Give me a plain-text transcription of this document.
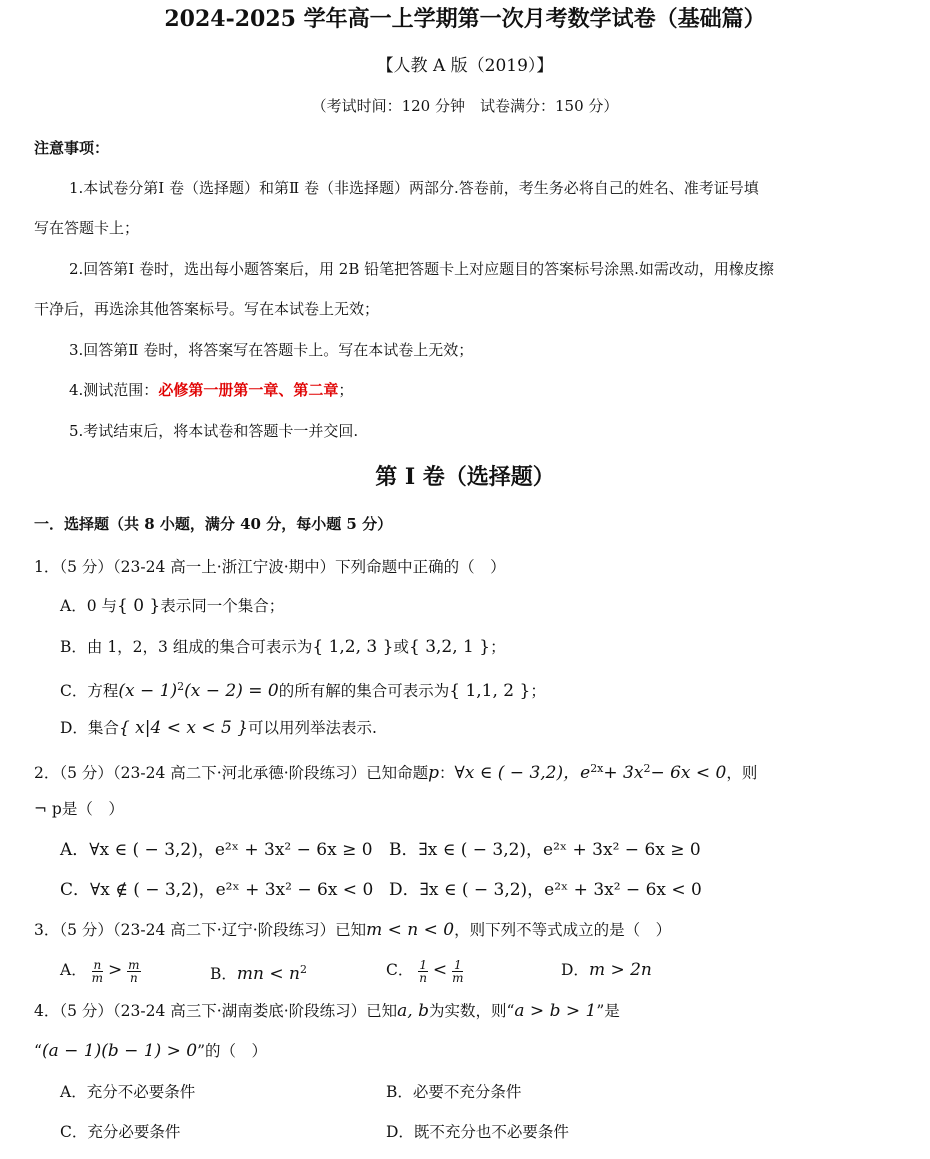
2024-2025 学年高一上学期第一次月考数学试卷（基础篇）
【人教 A 版（2019）】
（考试时间：120 分钟　试卷满分：150 分）
注意事项：
1.本试卷分第Ⅰ 卷（选择题）和第Ⅱ 卷（非选择题）两部分.答卷前，考生务必将自己的姓名、准考证号填
写在答题卡上；
2.回答第Ⅰ 卷时，选出每小题答案后，用 2B 铅笔把答题卡上对应题目的答案标号涂黑.如需改动，用橡皮擦
干净后，再选涂其他答案标号。写在本试卷上无效；
3.回答第Ⅱ 卷时，将答案写在答题卡上。写在本试卷上无效；
4.测试范围：必修第一册第一章、第二章；
5.考试结束后，将本试卷和答题卡一并交回.
第 I 卷（选择题）
一．选择题（共 8 小题，满分 40 分，每小题 5 分）
1．（5 分）（23-24 高一上·浙江宁波·期中）下列命题中正确的（　）
A．0 与{ 0 }表示同一个集合；
B．由 1，2，3 组成的集合可表示为{ 1,2, 3 }或{ 3,2, 1 }；
C．方程$(x - 1)^2(x - 2) = 0$的所有解的集合可表示为{ 1,1, 2 }；
D．集合{ x|4 < x < 5 }可以用列举法表示.
2．（5 分）（23-24 高二下·河北承德·阶段练习）已知命题p：∀x ∈ ( − 3,2)，$e^{2x}+ 3x^2- 6x < 0$，则
¬ p是（　）
A．∀x ∈ ( − 3,2)，e²ˣ + 3x² − 6x ≥ 0 B．∃x ∈ ( − 3,2)，e²ˣ + 3x² − 6x ≥ 0
C．∀x ∉ ( − 3,2)，e²ˣ + 3x² − 6x < 0 D．∃x ∈ ( − 3,2)，e²ˣ + 3x² − 6x < 0
3．（5 分）（23-24 高二下·辽宁·阶段练习）已知m < n < 0，则下列不等式成立的是（　）
A． $\frac{n}{m} > \frac{m}{n}$	B．mn < $n^2$	C． $\frac{1}{n} < \frac{1}{m}$	D．m > 2n
4．（5 分）（23-24 高三下·湖南娄底·阶段练习）已知a, b为实数，则“a > b > 1”是
“(a − 1)(b − 1) > 0”的（　）
A．充分不必要条件	B．必要不充分条件
C．充分必要条件	D．既不充分也不必要条件
